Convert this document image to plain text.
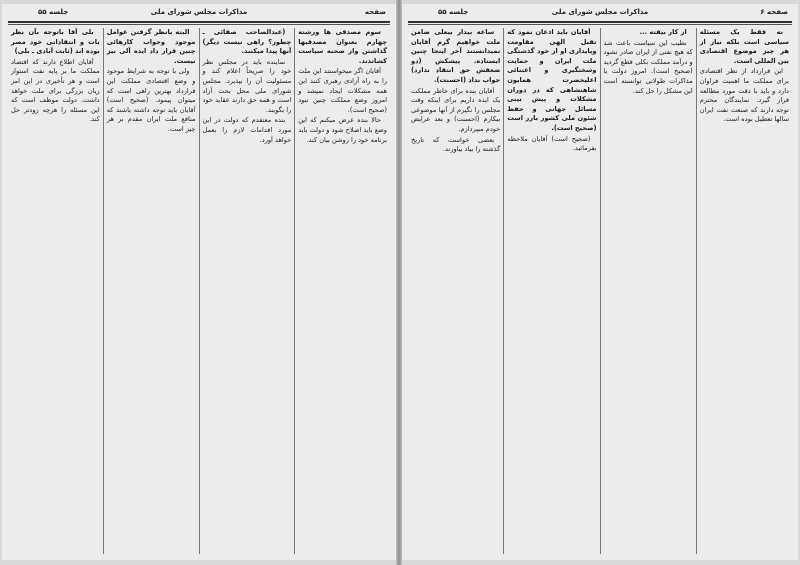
صفحه
مذاکرات مجلس شورای ملی
جلسه ۵۵

سوم مصدقی ها ورشته چهارم بعنوان مصدقیها گذاشتن واز صحنه سیاست کشاندند.

آقایان اگر میخواستند این ملت را به راه آزادی رهبری کنند این همه مشکلات ایجاد نمیشد و امروز وضع مملکت چنین نبود (صحیح است).

حالا بنده عرض میکنم که این وضع باید اصلاح شود و دولت باید برنامه خود را روشن بیان کند.

(عبدالصاحب صفائی ـ چطور؟ راهی نیست دیگر) آنها پیدا میکنند.

نماینده باید در مجلس نظر خود را صریحاً اعلام کند و مسئولیت آن را بپذیرد. مجلس شورای ملی محل بحث آزاد است و همه حق دارند عقاید خود را بگویند.

بنده معتقدم که دولت در این مورد اقدامات لازم را بعمل خواهد آورد.

البته بانظر گرفتن عوامل موجود وجواب کارهائی چنین قرار داد ایده آلی نیز نیست.

ولی با توجه به شرایط موجود و وضع اقتصادی مملکت این قرارداد بهترین راهی است که میتوان پیمود. (صحیح است) آقایان باید توجه داشته باشند که منافع ملت ایران مقدم بر هر چیز است.

بلی آقا باتوجه بآن نظر یات و انتقاداتی خود مصر بوده اند (ثابت آبادی ـ بلی)

آقایان اطلاع دارند که اقتصاد مملکت ما بر پایه نفت استوار است و هر تأخیری در این امر زیان بزرگی برای ملت خواهد داشت. دولت موظف است که این مسئله را هرچه زودتر حل کند.

صفحه ۶
مذاکرات مجلس شورای ملی
جلسه ۵۵

نه فقط یک مسئله سیاسی است بلکه نیاز از هر چیز موضوع اقتصادی بین المللی است.

این قرارداد از نظر اقتصادی برای مملکت ما اهمیت فراوان دارد و باید با دقت مورد مطالعه قرار گیرد. نمایندگان محترم توجه دارند که صنعت نفت ایران سالها تعطیل بوده است.

از کار بیفته ...

نطیب این سیاست باعث شد که هیچ نفتی از ایران صادر نشود و درآمد مملکت بکلی قطع گردید (صحیح است). امروز دولت با مذاکرات طولانی توانسته است این مشکل را حل کند.

آقایان باید اذعان نمود که تقبل الهی مقاومت وپایداری او از خود گذشتگی ملت ایران و حمایت وسختگیری و اعتنائی اعلیحضرت همایون شاهنشاهی که در دوران مشکلات و پیش بینی مسائل جهانی و حفظ شئون ملی کشور بارز است (صحیح است).

(صحیح است) آقایان ملاحظه بفرمائید.

ساعه بیدار بیعلی ضامن ملت خواهیم گرم آقایان نمیدانستند آخر اینجا چنین ایستاده. پیشکش (دو ضعفش حق انتقاد ندارد) جواب نداد (احسنت).

آقایان بنده برای خاطر مملکت یک ایده داریم برای اینکه وقت مجلس را نگیرم از آنها موضوعی بیکارم (احسنت) و بعد عرایض خودم میپردازم.

بعضی خواست که تاریخ گذشته را بیاد بیاورند.
